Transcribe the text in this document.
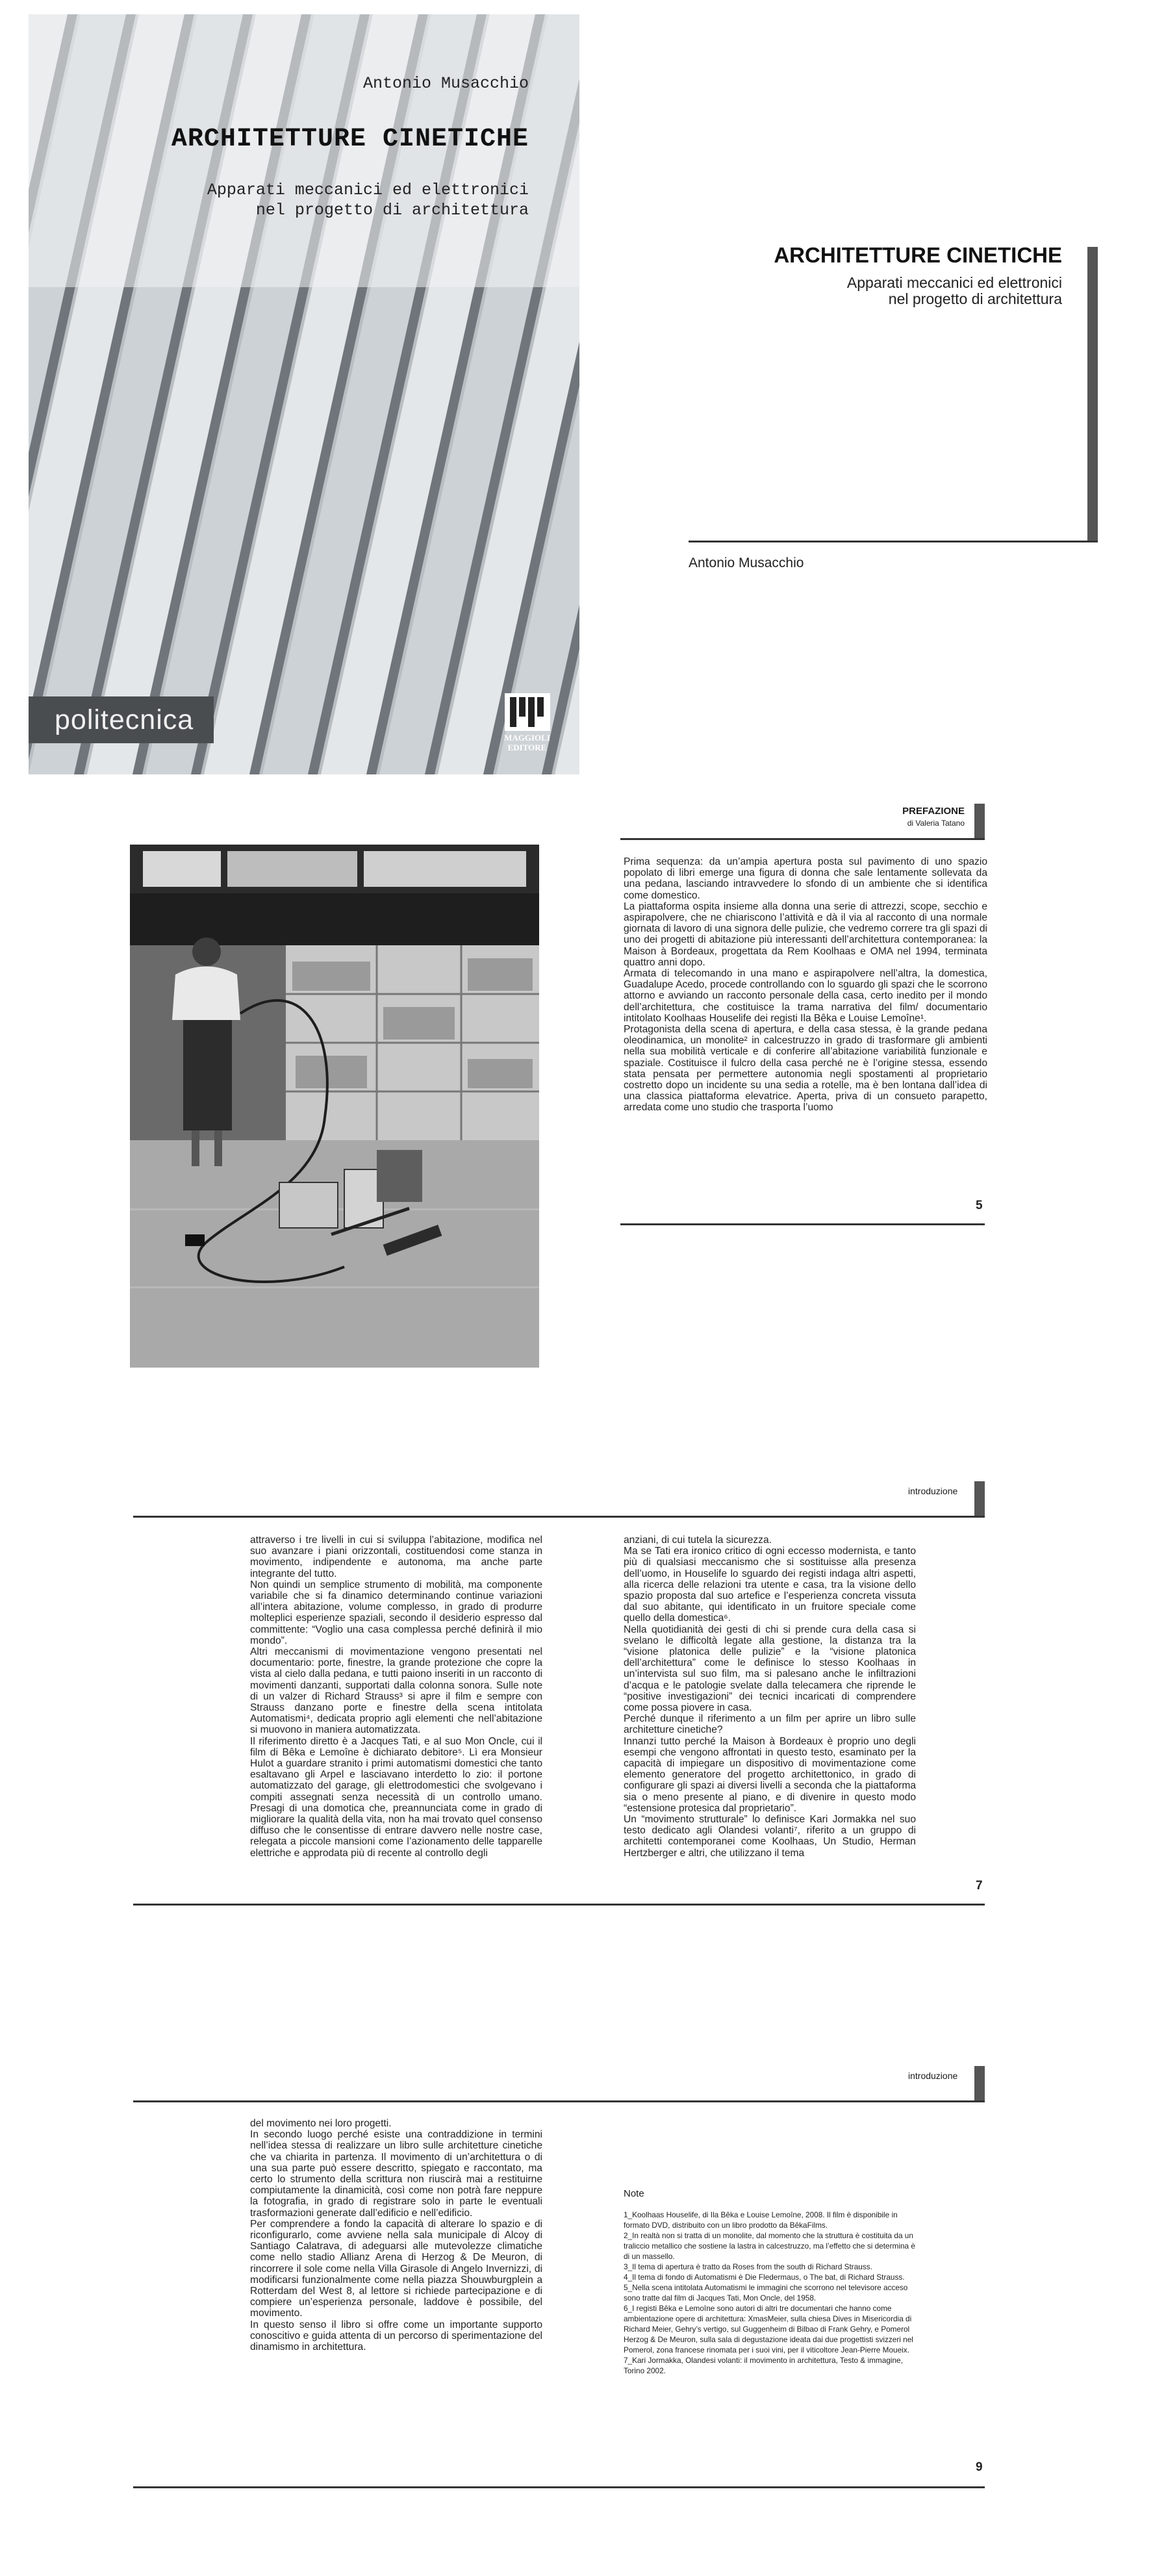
Antonio Musacchio
ARCHITETTURE CINETICHE
Apparati meccanici ed elettronici
nel progetto di architettura
politecnica
MAGGIOLI
EDITORE
ARCHITETTURE CINETICHE
Apparati meccanici ed elettronici
nel progetto di architettura
Antonio Musacchio
PREFAZIONE
di Valeria Tatano

Prima sequenza: da un’ampia apertura posta sul pavimento di uno spazio popolato di libri emerge una figura di donna che sale lentamente sollevata da una pedana, lasciando intravvedere lo sfondo di un ambiente che si identifica come domestico.

La piattaforma ospita insieme alla donna una serie di attrezzi, scope, secchio e aspirapolvere, che ne chiariscono l’attività e dà il via al racconto di una normale giornata di lavoro di una signora delle pulizie, che vedremo correre tra gli spazi di uno dei progetti di abitazione più interessanti dell’architettura contemporanea: la Maison à Bordeaux, progettata da Rem Koolhaas e OMA nel 1994, terminata quattro anni dopo.

Armata di telecomando in una mano e aspirapolvere nell’altra, la domestica, Guadalupe Acedo, procede controllando con lo sguardo gli spazi che le scorrono attorno e avviando un racconto personale della casa, certo inedito per il mondo dell’architettura, che costituisce la trama narrativa del film/ documentario intitolato Koolhaas Houselife dei registi Ila Bêka e Louise Lemoîne¹.

Protagonista della scena di apertura, e della casa stessa, è la grande pedana oleodinamica, un monolite² in calcestruzzo in grado di trasformare gli ambienti nella sua mobilità verticale e di conferire all’abitazione variabilità funzionale e spaziale. Costituisce il fulcro della casa perché ne è l’origine stessa, essendo stata pensata per permettere autonomia negli spostamenti al proprietario costretto dopo un incidente su una sedia a rotelle, ma è ben lontana dall’idea di una classica piattaforma elevatrice. Aperta, priva di un consueto parapetto, arredata come uno studio che trasporta l’uomo

5
introduzione

attraverso i tre livelli in cui si sviluppa l’abitazione, modifica nel suo avanzare i piani orizzontali, costituendosi come stanza in movimento, indipendente e autonoma, ma anche parte integrante del tutto.

Non quindi un semplice strumento di mobilità, ma componente variabile che si fa dinamico determinando continue variazioni all’intera abitazione, volume complesso, in grado di produrre molteplici esperienze spaziali, secondo il desiderio espresso dal committente: “Voglio una casa complessa perché definirà il mio mondo”.

Altri meccanismi di movimentazione vengono presentati nel documentario: porte, finestre, la grande protezione che copre la vista al cielo dalla pedana, e tutti paiono inseriti in un racconto di movimenti danzanti, supportati dalla colonna sonora. Sulle note di un valzer di Richard Strauss³ si apre il film e sempre con Strauss danzano porte e finestre della scena intitolata Automatismi⁴, dedicata proprio agli elementi che nell’abitazione si muovono in maniera automatizzata.

Il riferimento diretto è a Jacques Tati, e al suo Mon Oncle, cui il film di Bêka e Lemoîne è dichiarato debitore⁵. Lì era Monsieur Hulot a guardare stranito i primi automatismi domestici che tanto esaltavano gli Arpel e lasciavano interdetto lo zio: il portone automatizzato del garage, gli elettrodomestici che svolgevano i compiti assegnati senza necessità di un controllo umano. Presagi di una domotica che, preannunciata come in grado di migliorare la qualità della vita, non ha mai trovato quel consenso diffuso che le consentisse di entrare davvero nelle nostre case, relegata a piccole mansioni come l’azionamento delle tapparelle elettriche e approdata più di recente al controllo degli

anziani, di cui tutela la sicurezza.

Ma se Tati era ironico critico di ogni eccesso modernista, e tanto più di qualsiasi meccanismo che si sostituisse alla presenza dell’uomo, in Houselife lo sguardo dei registi indaga altri aspetti, alla ricerca delle relazioni tra utente e casa, tra la visione dello spazio proposta dal suo artefice e l’esperienza concreta vissuta dal suo abitante, qui identificato in un fruitore speciale come quello della domestica⁶.

Nella quotidianità dei gesti di chi si prende cura della casa si svelano le difficoltà legate alla gestione, la distanza tra la “visione platonica delle pulizie” e la “visione platonica dell’architettura” come le definisce lo stesso Koolhaas in un’intervista sul suo film, ma si palesano anche le infiltrazioni d’acqua e le patologie svelate dalla telecamera che riprende le “positive investigazioni” dei tecnici incaricati di comprendere come possa piovere in casa.

Perché dunque il riferimento a un film per aprire un libro sulle architetture cinetiche?

Innanzi tutto perché la Maison à Bordeaux è proprio uno degli esempi che vengono affrontati in questo testo, esaminato per la capacità di impiegare un dispositivo di movimentazione come elemento generatore del progetto architettonico, in grado di configurare gli spazi ai diversi livelli a seconda che la piattaforma sia o meno presente al piano, e di divenire in questo modo “estensione protesica dal proprietario”.

Un “movimento strutturale” lo definisce Kari Jormakka nel suo testo dedicato agli Olandesi volanti⁷, riferito a un gruppo di architetti contemporanei come Koolhaas, Un Studio, Herman Hertzberger e altri, che utilizzano il tema

7
introduzione

del movimento nei loro progetti.

In secondo luogo perché esiste una contraddizione in termini nell’idea stessa di realizzare un libro sulle architetture cinetiche che va chiarita in partenza. Il movimento di un’architettura o di una sua parte può essere descritto, spiegato e raccontato, ma certo lo strumento della scrittura non riuscirà mai a restituirne compiutamente la dinamicità, così come non potrà fare neppure la fotografia, in grado di registrare solo in parte le eventuali trasformazioni generate dall’edificio e nell’edificio.

Per comprendere a fondo la capacità di alterare lo spazio e di riconfigurarlo, come avviene nella sala municipale di Alcoy di Santiago Calatrava, di adeguarsi alle mutevolezze climatiche come nello stadio Allianz Arena di Herzog & De Meuron, di rincorrere il sole come nella Villa Girasole di Angelo Invernizzi, di modificarsi funzionalmente come nella piazza Shouwburgplein a Rotterdam del West 8, al lettore si richiede partecipazione e di compiere un’esperienza personale, laddove è possibile, del movimento.

In questo senso il libro si offre come un importante supporto conoscitivo e guida attenta di un percorso di sperimentazione del dinamismo in architettura.

Note

1_Koolhaas Houselife, di Ila Bêka e Louise Lemoîne, 2008. Il film è disponibile in formato DVD, distribuito con un libro prodotto da BêkaFilms.

2_In realtà non si tratta di un monolite, dal momento che la struttura è costituita da un traliccio metallico che sostiene la lastra in calcestruzzo, ma l’effetto che si determina è di un massello.

3_Il tema di apertura è tratto da Roses from the south di Richard Strauss.

4_Il tema di fondo di Automatismi è Die Fledermaus, o The bat, di Richard Strauss.

5_Nella scena intitolata Automatismi le immagini che scorrono nel televisore acceso sono tratte dal film di Jacques Tati, Mon Oncle, del 1958.

6_I registi Bêka e Lemoîne sono autori di altri tre documentari che hanno come ambientazione opere di architettura: XmasMeier, sulla chiesa Dives in Misericordia di Richard Meier, Gehry’s vertigo, sul Guggenheim di Bilbao di Frank Gehry, e Pomerol Herzog & De Meuron, sulla sala di degustazione ideata dai due progettisti svizzeri nel Pomerol, zona francese rinomata per i suoi vini, per il viticoltore Jean-Pierre Moueix.

7_Kari Jormakka, Olandesi volanti: il movimento in architettura, Testo & immagine, Torino 2002.

9
